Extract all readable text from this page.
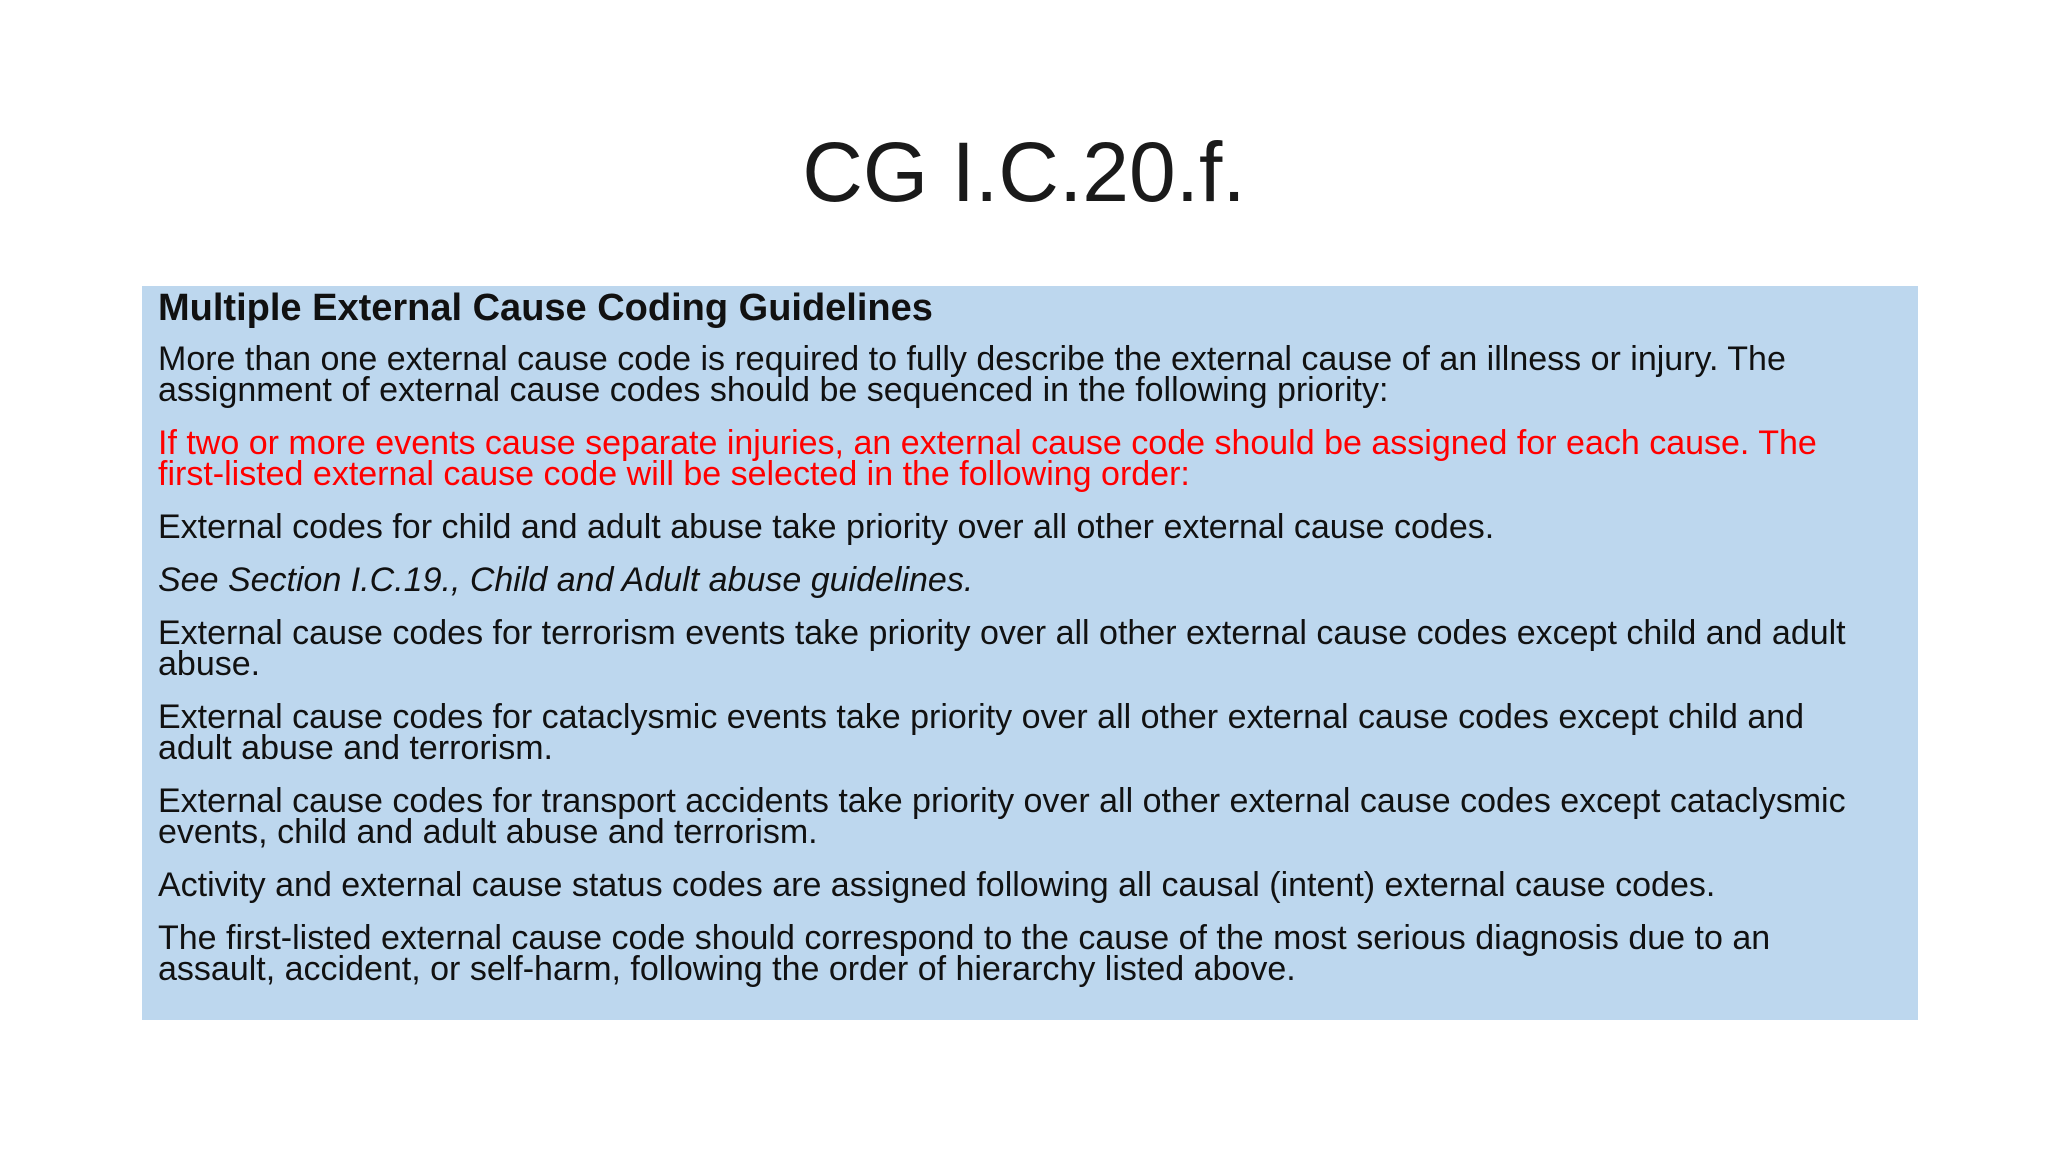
CG I.C.20.f.

Multiple External Cause Coding Guidelines

More than one external cause code is required to fully describe the external cause of an illness or injury. The assignment of external cause codes should be sequenced in the following priority:

If two or more events cause separate injuries, an external cause code should be assigned for each cause. The first-listed external cause code will be selected in the following order:

External codes for child and adult abuse take priority over all other external cause codes.

See Section I.C.19., Child and Adult abuse guidelines.

External cause codes for terrorism events take priority over all other external cause codes except child and adult abuse.

External cause codes for cataclysmic events take priority over all other external cause codes except child and adult abuse and terrorism.

External cause codes for transport accidents take priority over all other external cause codes except cataclysmic events, child and adult abuse and terrorism.

Activity and external cause status codes are assigned following all causal (intent) external cause codes.

The first-listed external cause code should correspond to the cause of the most serious diagnosis due to an assault, accident, or self-harm, following the order of hierarchy listed above.
